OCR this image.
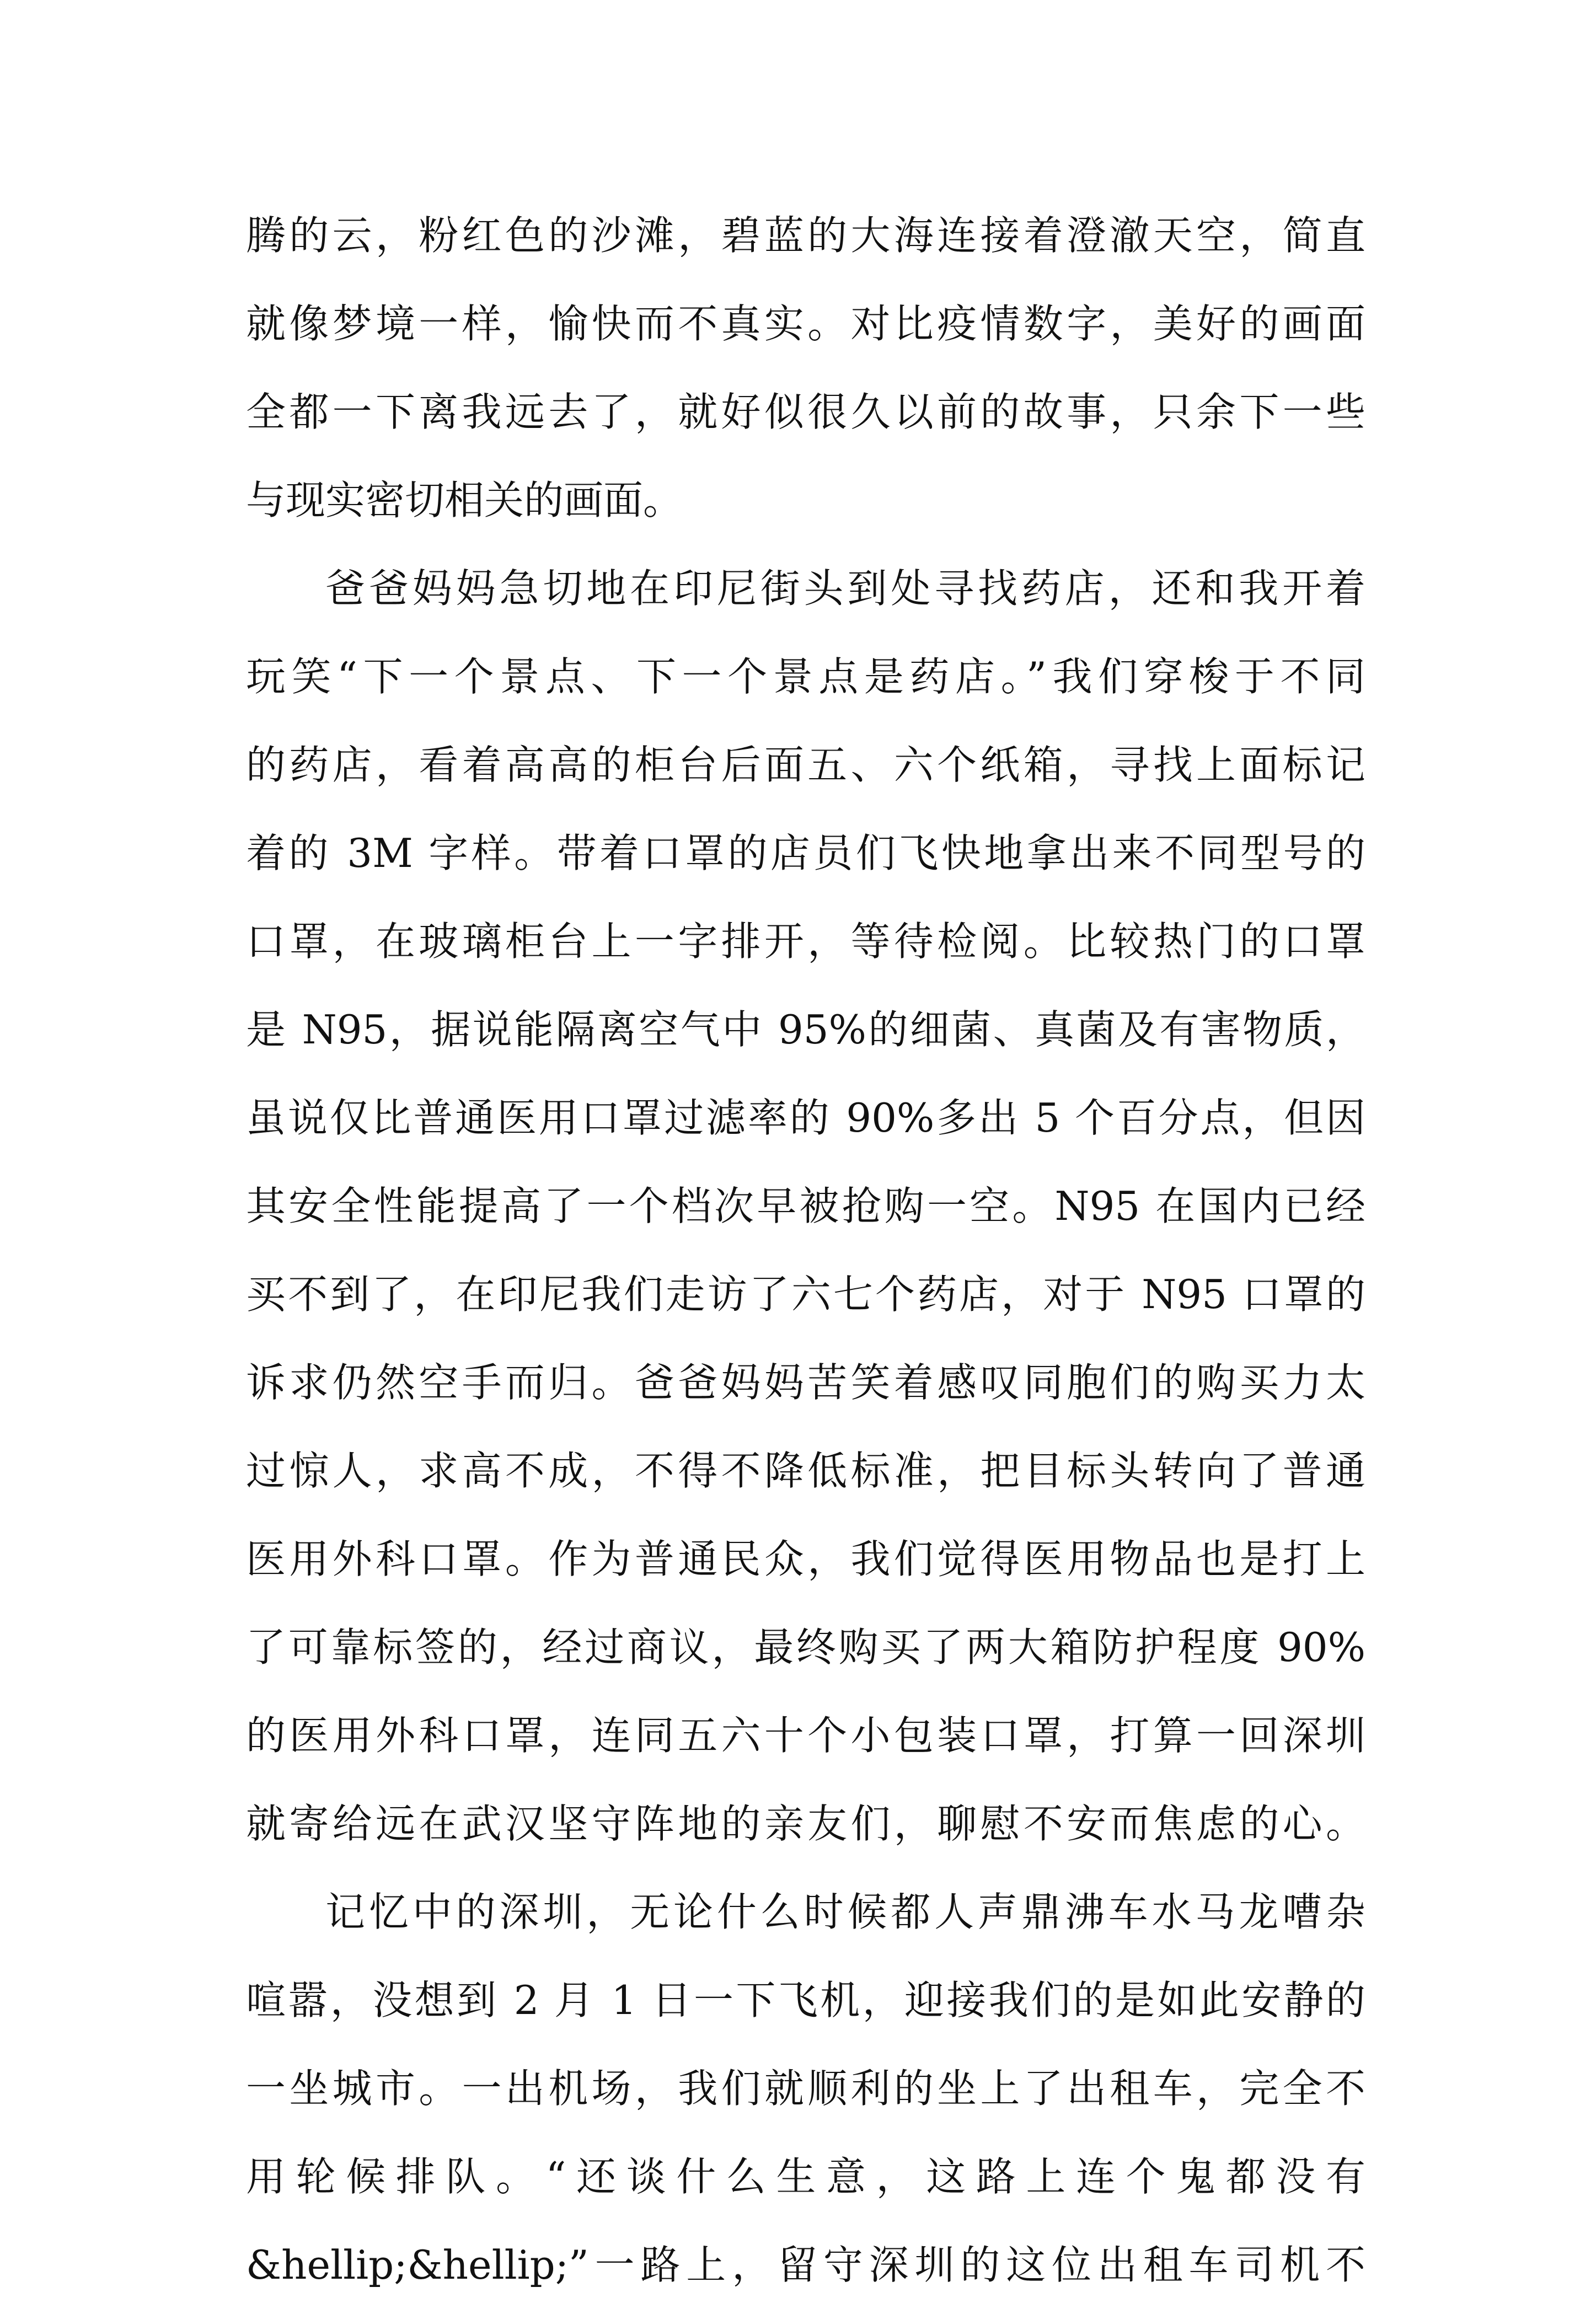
腾的云，粉红色的沙滩，碧蓝的大海连接着澄澈天空，简直
就像梦境一样，愉快而不真实。对比疫情数字，美好的画面
全都一下离我远去了，就好似很久以前的故事，只余下一些
与现实密切相关的画面。
爸爸妈妈急切地在印尼街头到处寻找药店，还和我开着
玩笑“下一个景点、下一个景点是药店。”我们穿梭于不同
的药店，看着高高的柜台后面五、六个纸箱，寻找上面标记
着的 3M 字样。带着口罩的店员们飞快地拿出来不同型号的
口罩，在玻璃柜台上一字排开，等待检阅。比较热门的口罩
是 N95，据说能隔离空气中 95%的细菌、真菌及有害物质，
虽说仅比普通医用口罩过滤率的 90%多出 5 个百分点，但因
其安全性能提高了一个档次早被抢购一空。N95 在国内已经
买不到了，在印尼我们走访了六七个药店，对于 N95 口罩的
诉求仍然空手而归。爸爸妈妈苦笑着感叹同胞们的购买力太
过惊人，求高不成，不得不降低标准，把目标头转向了普通
医用外科口罩。作为普通民众，我们觉得医用物品也是打上
了可靠标签的，经过商议，最终购买了两大箱防护程度 90%
的医用外科口罩，连同五六十个小包装口罩，打算一回深圳
就寄给远在武汉坚守阵地的亲友们，聊慰不安而焦虑的心。
记忆中的深圳，无论什么时候都人声鼎沸车水马龙嘈杂
喧嚣，没想到 2 月 1 日一下飞机，迎接我们的是如此安静的
一坐城市。一出机场，我们就顺利的坐上了出租车，完全不
用轮候排队。“还谈什么生意，这路上连个鬼都没有
&hellip;&hellip;”一路上，留守深圳的这位出租车司机不
